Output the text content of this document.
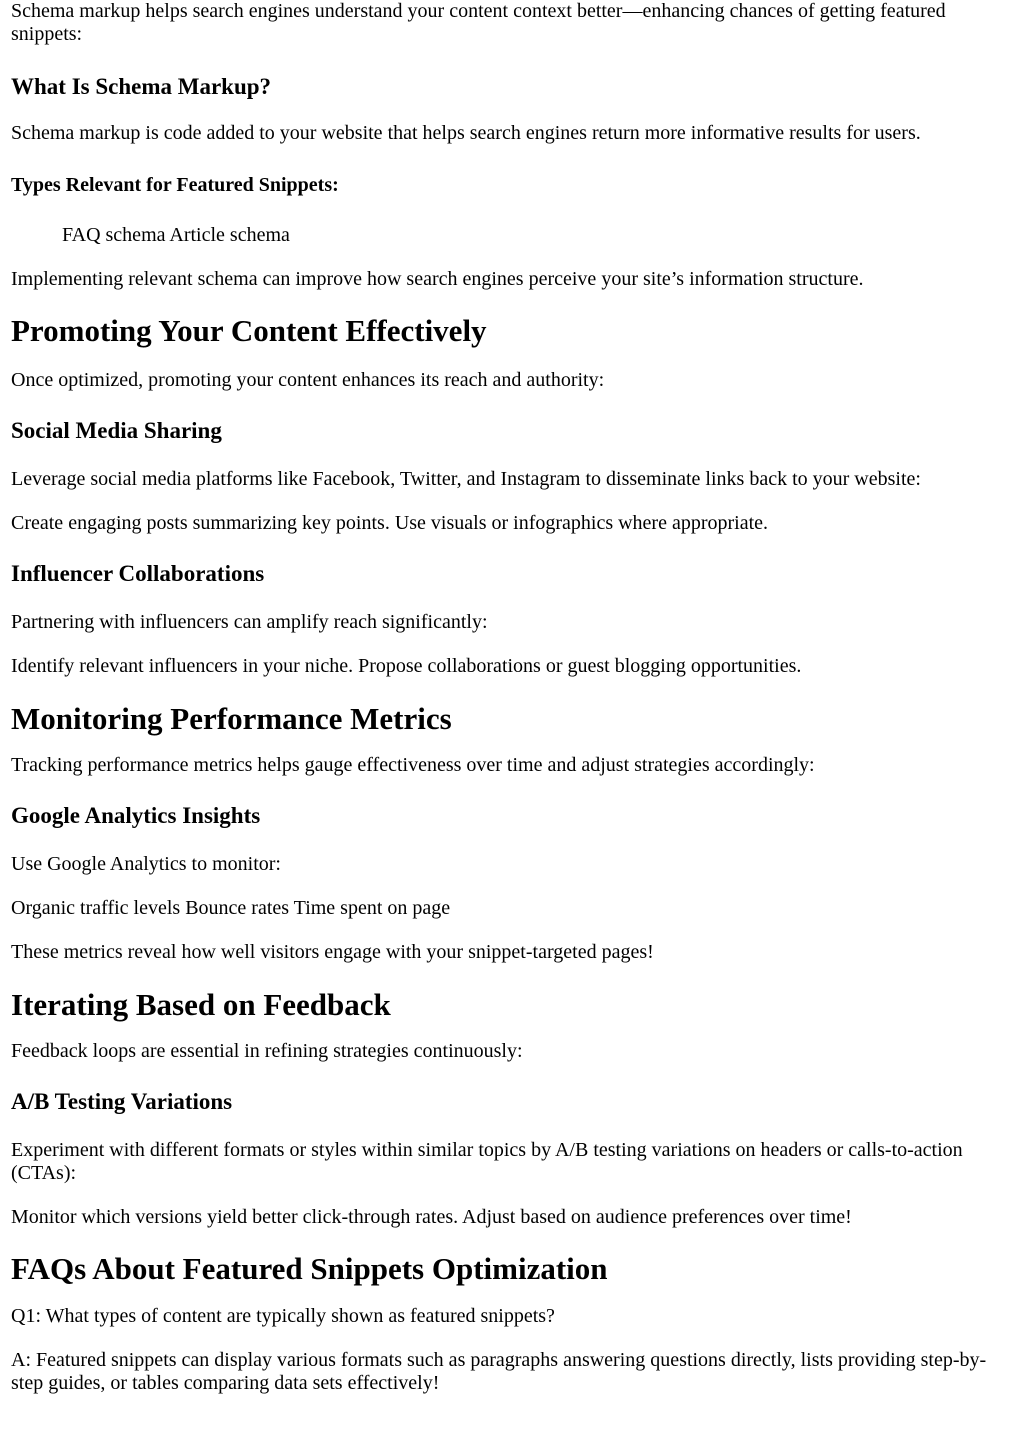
Schema markup helps search engines understand your content context better—enhancing chances of getting featured snippets:

What Is Schema Markup?

Schema markup is code added to your website that helps search engines return more informative results for users.

Types Relevant for Featured Snippets:

FAQ schema Article schema

Implementing relevant schema can improve how search engines perceive your site’s information structure.

Promoting Your Content Effectively

Once optimized, promoting your content enhances its reach and authority:

Social Media Sharing

Leverage social media platforms like Facebook, Twitter, and Instagram to disseminate links back to your website:

Create engaging posts summarizing key points. Use visuals or infographics where appropriate.

Influencer Collaborations

Partnering with influencers can amplify reach significantly:

Identify relevant influencers in your niche. Propose collaborations or guest blogging opportunities.

Monitoring Performance Metrics

Tracking performance metrics helps gauge effectiveness over time and adjust strategies accordingly:

Google Analytics Insights

Use Google Analytics to monitor:

Organic traffic levels Bounce rates Time spent on page

These metrics reveal how well visitors engage with your snippet-targeted pages!

Iterating Based on Feedback

Feedback loops are essential in refining strategies continuously:

A/B Testing Variations

Experiment with different formats or styles within similar topics by A/B testing variations on headers or calls-to-action (CTAs):

Monitor which versions yield better click-through rates. Adjust based on audience preferences over time!

FAQs About Featured Snippets Optimization

Q1: What types of content are typically shown as featured snippets?

A: Featured snippets can display various formats such as paragraphs answering questions directly, lists providing step-by-step guides, or tables comparing data sets effectively!
